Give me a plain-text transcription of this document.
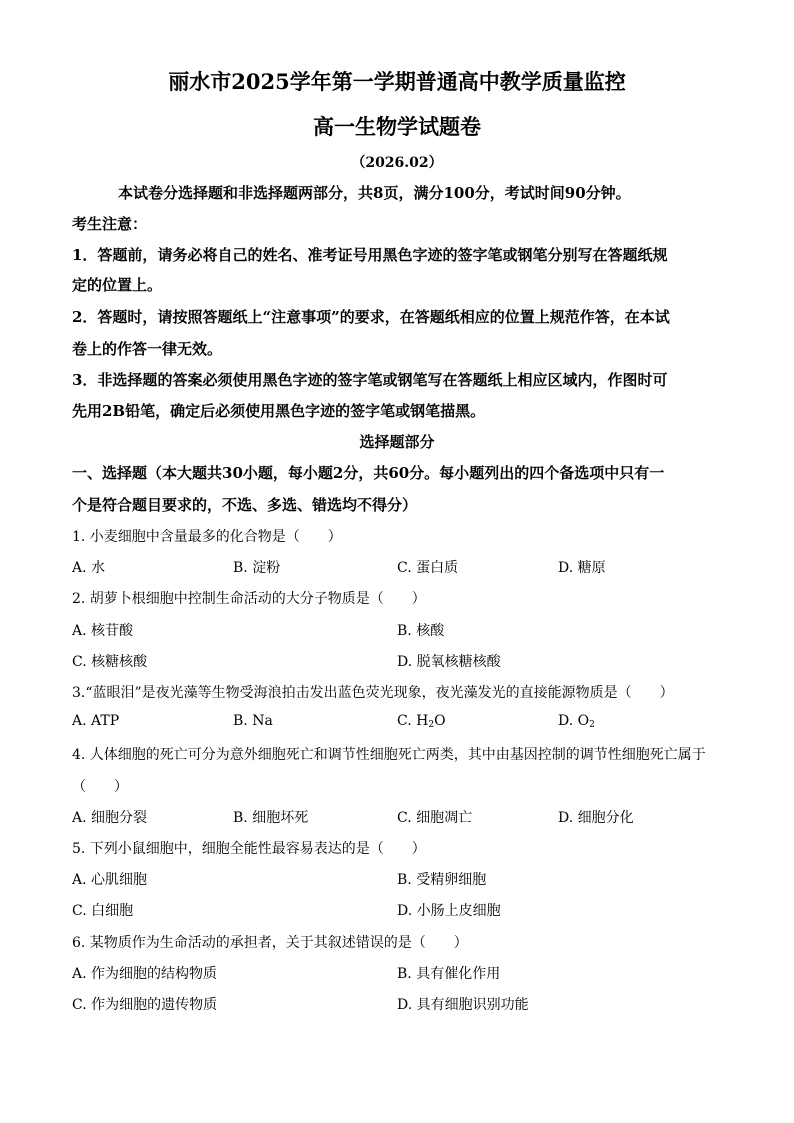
丽水市2025学年第一学期普通高中教学质量监控
高一生物学试题卷
（2026.02）
本试卷分选择题和非选择题两部分，共8页，满分100分，考试时间90分钟。
考生注意：
1．答题前，请务必将自己的姓名、准考证号用黑色字迹的签字笔或钢笔分别写在答题纸规
定的位置上。
2．答题时，请按照答题纸上“注意事项”的要求，在答题纸相应的位置上规范作答，在本试
卷上的作答一律无效。
3．非选择题的答案必须使用黑色字迹的签字笔或钢笔写在答题纸上相应区域内，作图时可
先用2B铅笔，确定后必须使用黑色字迹的签字笔或钢笔描黑。
选择题部分
一、选择题（本大题共30小题，每小题2分，共60分。每小题列出的四个备选项中只有一
个是符合题目要求的，不选、多选、错选均不得分）
1. 小麦细胞中含量最多的化合物是（　　）
A. 水	B. 淀粉	C. 蛋白质	D. 糖原
2. 胡萝卜根细胞中控制生命活动的大分子物质是（　　）
A. 核苷酸	B. 核酸
C. 核糖核酸	D. 脱氧核糖核酸
3.“蓝眼泪”是夜光藻等生物受海浪拍击发出蓝色荧光现象，夜光藻发光的直接能源物质是（　　）
A. ATP	B. Na	C. $H_2O$	D. $O_2$
4. 人体细胞的死亡可分为意外细胞死亡和调节性细胞死亡两类，其中由基因控制的调节性细胞死亡属于
（　　）
A. 细胞分裂	B. 细胞坏死	C. 细胞凋亡	D. 细胞分化
5. 下列小鼠细胞中，细胞全能性最容易表达的是（　　）
A. 心肌细胞	B. 受精卵细胞
C. 白细胞	D. 小肠上皮细胞
6. 某物质作为生命活动的承担者，关于其叙述错误的是（　　）
A. 作为细胞的结构物质	B. 具有催化作用
C. 作为细胞的遗传物质	D. 具有细胞识别功能
